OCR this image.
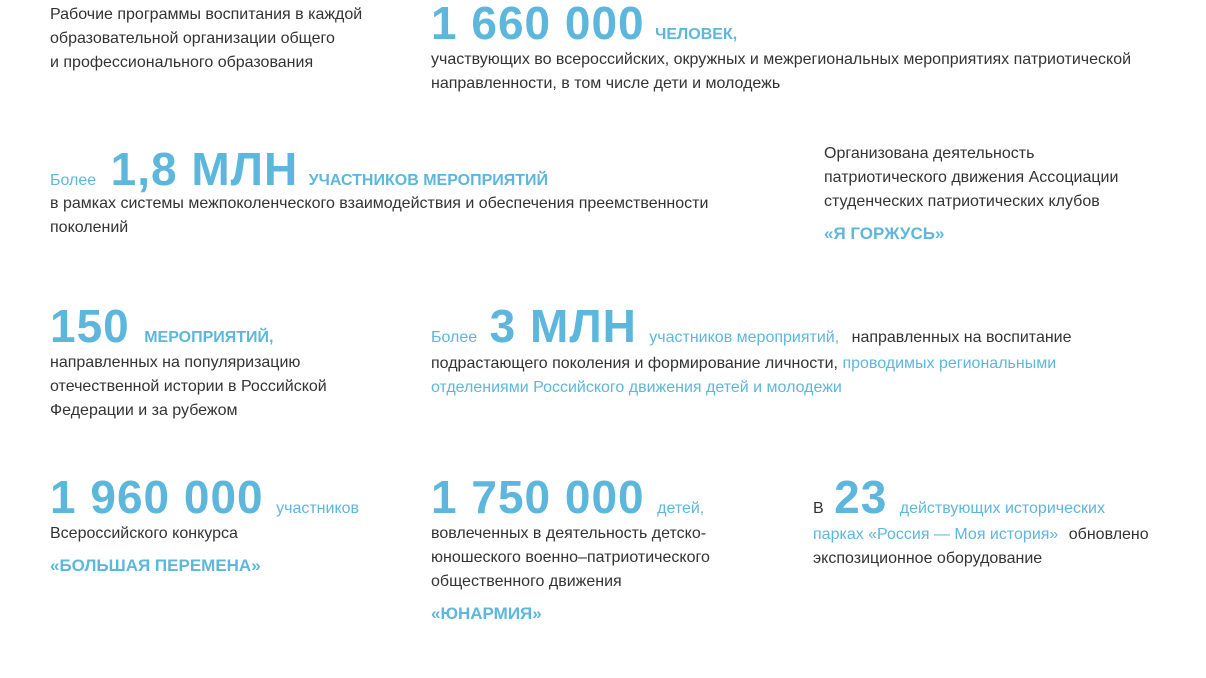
Рабочие программы воспитания в каждой
образовательной организации общего
и профессионального образования
1 660 000 ЧЕЛОВЕК,
участвующих во всероссийских, окружных и межрегиональных мероприятиях патриотической
направленности, в том числе дети и молодежь
Более 1,8 МЛН УЧАСТНИКОВ МЕРОПРИЯТИЙ
в рамках системы межпоколенческого взаимодействия и обеспечения преемственности
поколений
Организована деятельность
патриотического движения Ассоциации
студенческих патриотических клубов
«Я ГОРЖУСЬ»
150 МЕРОПРИЯТИЙ,
направленных на популяризацию
отечественной истории в Российской
Федерации и за рубежом
Более 3 МЛН участников мероприятий, направленных на воспитание
подрастающего поколения и формирование личности, проводимых региональными
отделениями Российского движения детей и молодежи
1 960 000 участников
Всероссийского конкурса
«БОЛЬШАЯ ПЕРЕМЕНА»
1 750 000 детей,
вовлеченных в деятельность детско-
юношеского военно–патриотического
общественного движения
«ЮНАРМИЯ»
В 23 действующих исторических
парках «Россия — Моя история» обновлено
экспозиционное оборудование
